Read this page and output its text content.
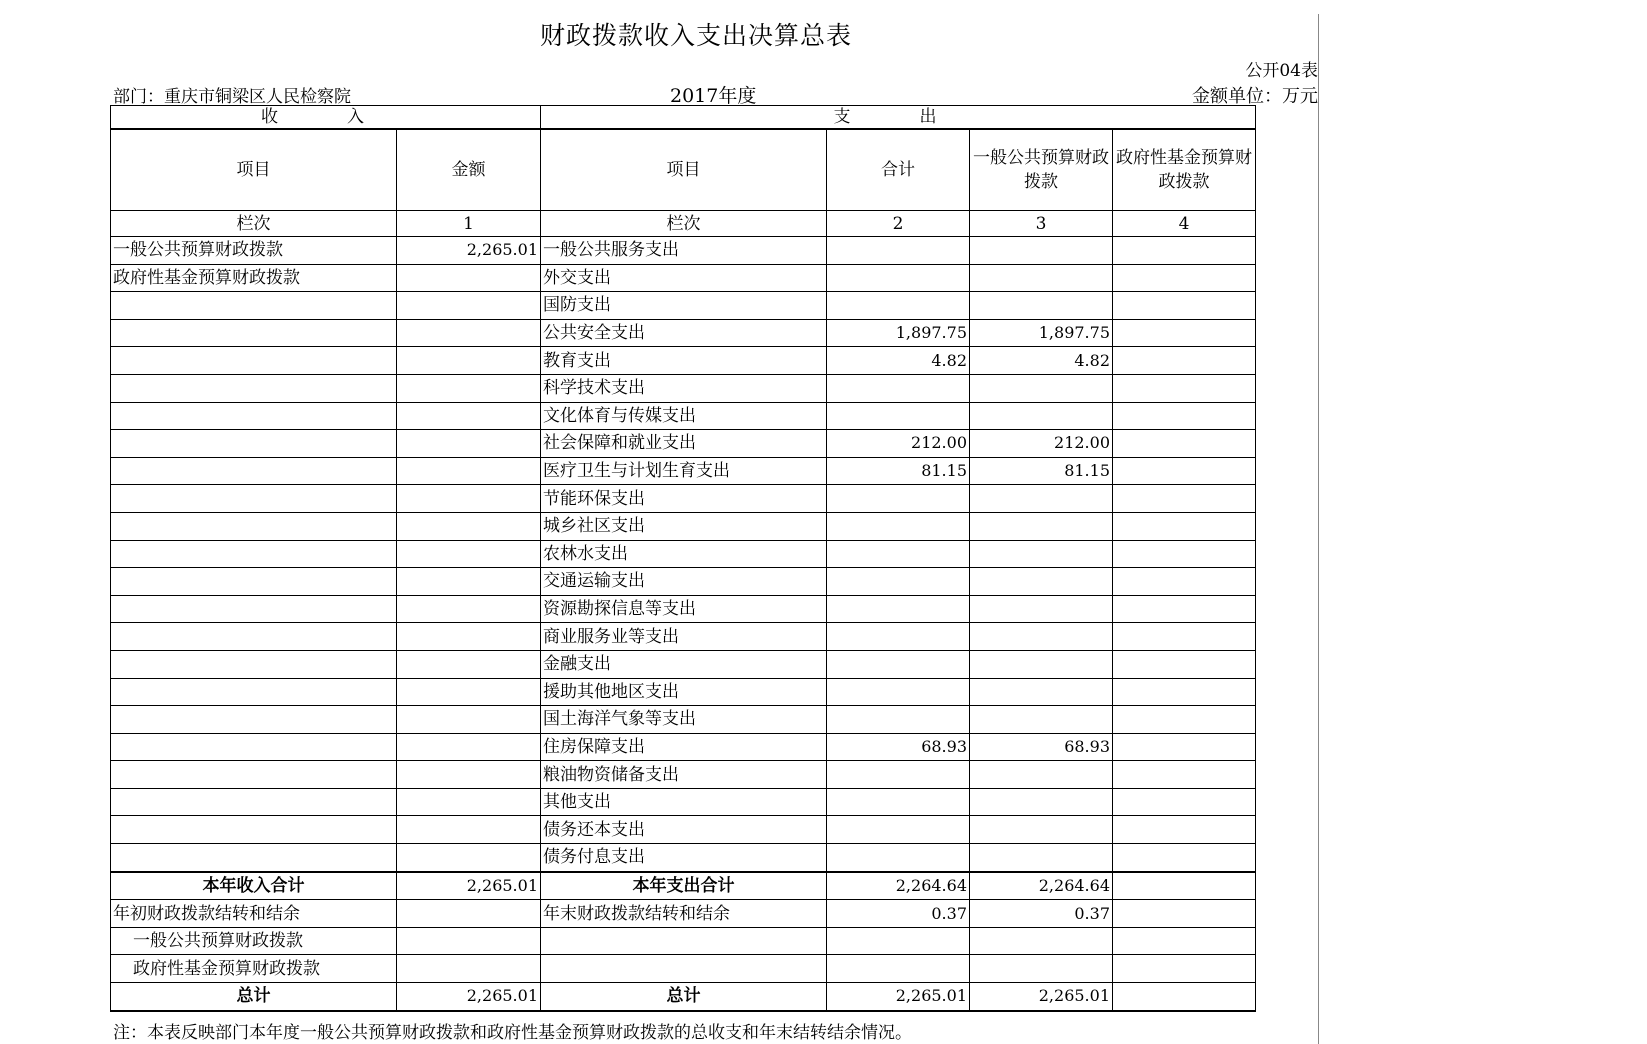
财政拨款收入支出决算总表
公开04表
部门：重庆市铜梁区人民检察院	2017年度	金额单位：万元
收　入		支　出			
项目	金额	项目	合计	一般公共预算财政拨款	政府性基金预算财政拨款
栏次	1	栏次	2	3	4
一般公共预算财政拨款	2,265.01	一般公共服务支出			
政府性基金预算财政拨款		外交支出			
		国防支出			
		公共安全支出	1,897.75	1,897.75	
		教育支出	4.82	4.82	
		科学技术支出			
		文化体育与传媒支出			
		社会保障和就业支出	212.00	212.00	
		医疗卫生与计划生育支出	81.15	81.15	
		节能环保支出			
		城乡社区支出			
		农林水支出			
		交通运输支出			
		资源勘探信息等支出			
		商业服务业等支出			
		金融支出			
		援助其他地区支出			
		国土海洋气象等支出			
		住房保障支出	68.93	68.93	
		粮油物资储备支出			
		其他支出			
		债务还本支出			
		债务付息支出			
本年收入合计	2,265.01	本年支出合计	2,264.64	2,264.64	
年初财政拨款结转和结余		年末财政拨款结转和结余	0.37	0.37	
一般公共预算财政拨款					
政府性基金预算财政拨款					
总计	2,265.01	总计	2,265.01	2,265.01	
注：本表反映部门本年度一般公共预算财政拨款和政府性基金预算财政拨款的总收支和年末结转结余情况。
